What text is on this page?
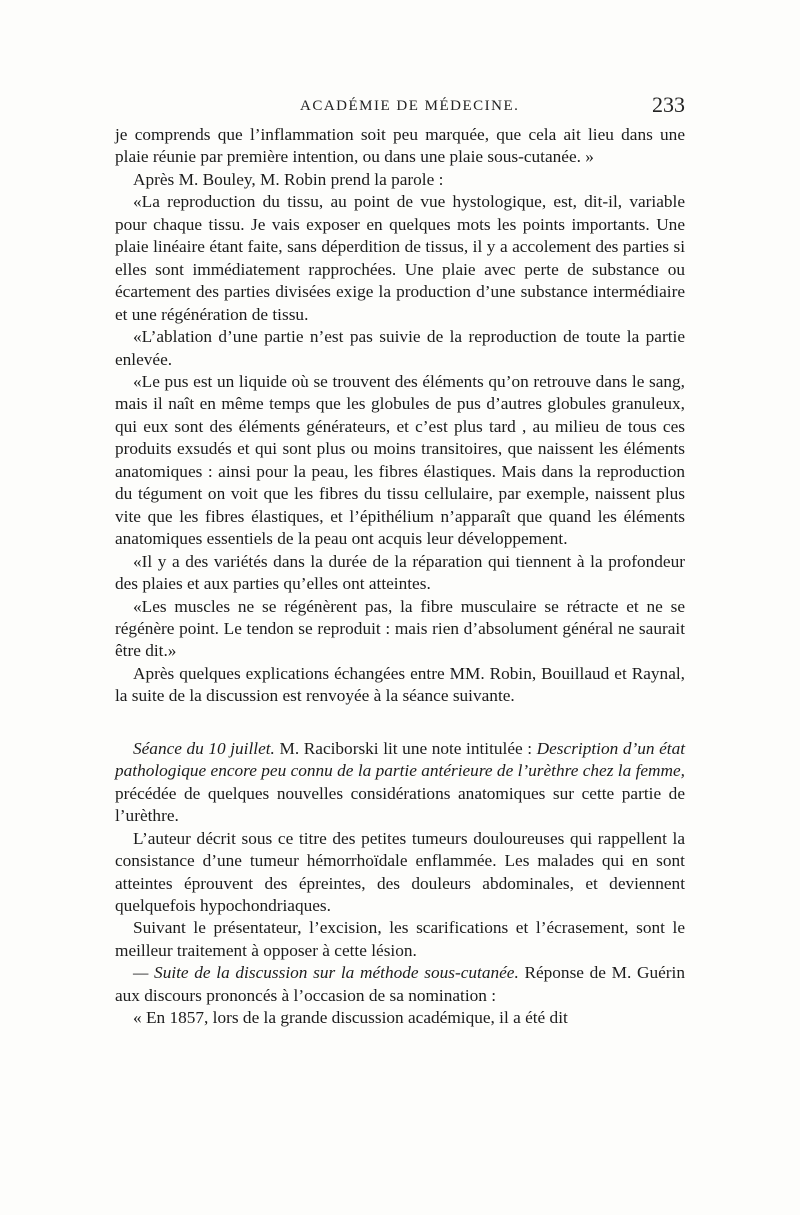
ACADÉMIE DE MÉDECINE.	233

je comprends que l’inflammation soit peu marquée, que cela ait lieu dans une plaie réunie par première intention, ou dans une plaie sous-cutanée. »

Après M. Bouley, M. Robin prend la parole :

«La reproduction du tissu, au point de vue hystologique, est, dit-il, variable pour chaque tissu. Je vais exposer en quelques mots les points importants. Une plaie linéaire étant faite, sans déperdition de tissus, il y a accolement des parties si elles sont immédiatement rapprochées. Une plaie avec perte de substance ou écartement des parties divisées exige la production d’une substance intermédiaire et une régénération de tissu.

«L’ablation d’une partie n’est pas suivie de la reproduction de toute la partie enlevée.

«Le pus est un liquide où se trouvent des éléments qu’on retrouve dans le sang, mais il naît en même temps que les globules de pus d’autres globules granuleux, qui eux sont des éléments générateurs, et c’est plus tard , au milieu de tous ces produits exsudés et qui sont plus ou moins transitoires, que naissent les éléments anatomiques : ainsi pour la peau, les fibres élastiques. Mais dans la reproduction du tégument on voit que les fibres du tissu cellulaire, par exemple, naissent plus vite que les fibres élastiques, et l’épithélium n’apparaît que quand les éléments anatomiques essentiels de la peau ont acquis leur développement.

«Il y a des variétés dans la durée de la réparation qui tiennent à la profondeur des plaies et aux parties qu’elles ont atteintes.

«Les muscles ne se régénèrent pas, la fibre musculaire se rétracte et ne se régénère point. Le tendon se reproduit : mais rien d’absolument général ne saurait être dit.»

Après quelques explications échangées entre MM. Robin, Bouillaud et Raynal, la suite de la discussion est renvoyée à la séance suivante.

Séance du 10 juillet. M. Raciborski lit une note intitulée : Description d’un état pathologique encore peu connu de la partie antérieure de l’urèthre chez la femme, précédée de quelques nouvelles considérations anatomiques sur cette partie de l’urèthre.

L’auteur décrit sous ce titre des petites tumeurs douloureuses qui rappellent la consistance d’une tumeur hémorrhoïdale enflammée. Les malades qui en sont atteintes éprouvent des épreintes, des douleurs abdominales, et deviennent quelquefois hypochondriaques.

Suivant le présentateur, l’excision, les scarifications et l’écrasement, sont le meilleur traitement à opposer à cette lésion.

— Suite de la discussion sur la méthode sous-cutanée. Réponse de M. Guérin aux discours prononcés à l’occasion de sa nomination :

« En 1857, lors de la grande discussion académique, il a été dit
